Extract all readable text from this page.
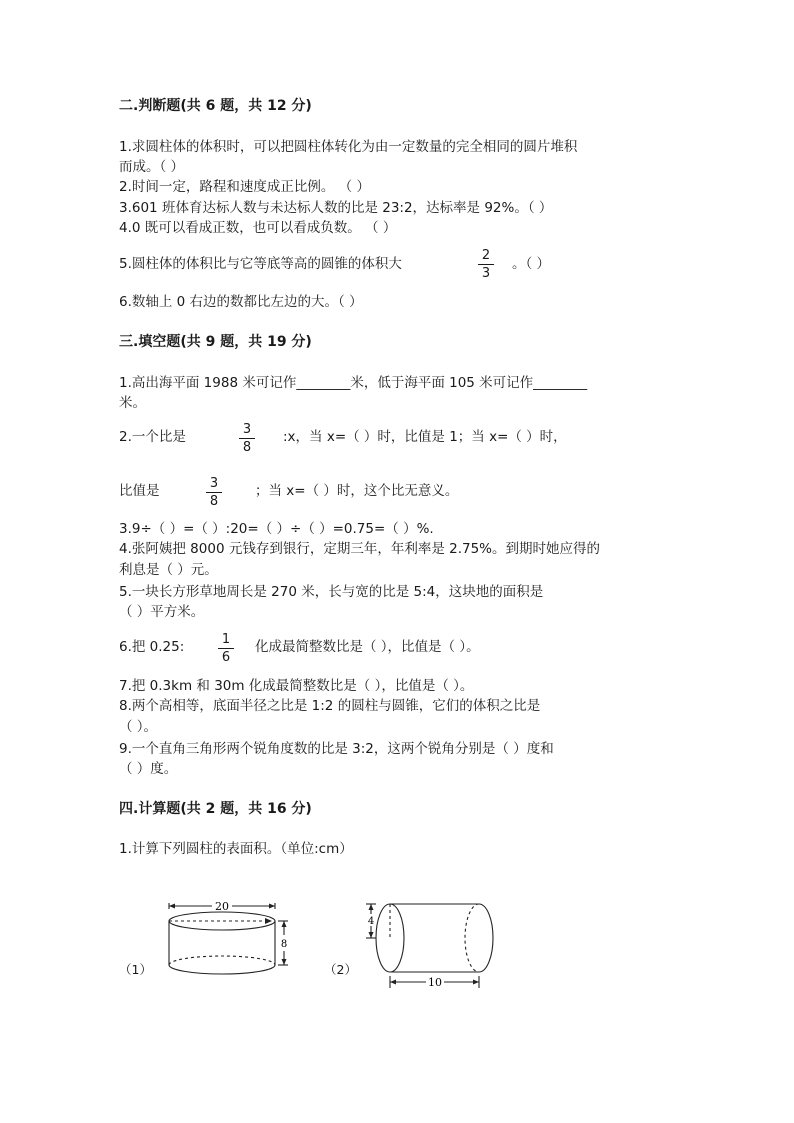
二.判断题(共 6 题，共 12 分)
1.求圆柱体的体积时，可以把圆柱体转化为由一定数量的完全相同的圆片堆积
而成。（ ）
2.时间一定，路程和速度成正比例。 （ ）
3.601 班体育达标人数与未达标人数的比是 23:2，达标率是 92%。（ ）
4.0 既可以看成正数，也可以看成负数。 （ ）
5.圆柱体的体积比与它等底等高的圆锥的体积大
2
3
。（ ）
6.数轴上 0 右边的数都比左边的大。（ ）
三.填空题(共 9 题，共 19 分)
1.高出海平面 1988 米可记作________米，低于海平面 105 米可记作________
米。
2.一个比是	3
8
:x，当 x=（ ）时，比值是 1；当 x=（ ）时，
比值是	3
8
；当 x=（ ）时，这个比无意义。
3.9÷（ ）=（ ）:20=（ ）÷（ ）=0.75=（ ）%.
4.张阿姨把 8000 元钱存到银行，定期三年，年利率是 2.75%。到期时她应得的
利息是（ ）元。
5.一块长方形草地周长是 270 米，长与宽的比是 5:4，这块地的面积是
（ ）平方米。
6.把 0.25:	1
6
化成最简整数比是（ ），比值是（ ）。
7.把 0.3km 和 30m 化成最简整数比是（ ），比值是（ ）。
8.两个高相等，底面半径之比是 1:2 的圆柱与圆锥，它们的体积之比是
（ ）。
9.一个直角三角形两个锐角度数的比是 3:2，这两个锐角分别是（ ）度和
（ ）度。
四.计算题(共 2 题，共 16 分)
1.计算下列圆柱的表面积。（单位:cm）
（1）
20
8
（2）
4
10
